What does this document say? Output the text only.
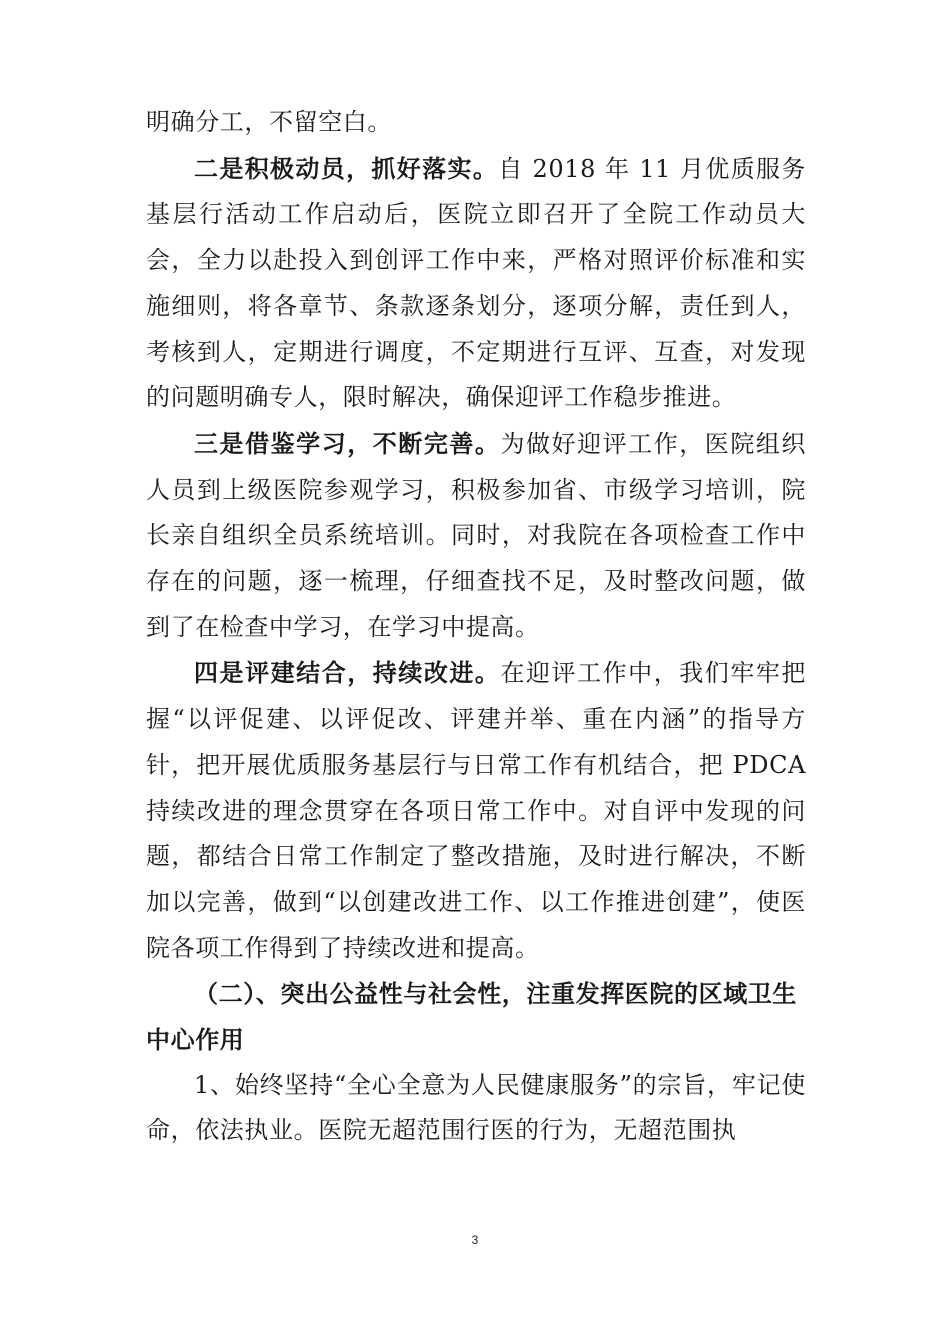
明确分工，不留空白。

二是积极动员，抓好落实。自 2018 年 11 月优质服务基层行活动工作启动后，医院立即召开了全院工作动员大会，全力以赴投入到创评工作中来，严格对照评价标准和实施细则，将各章节、条款逐条划分，逐项分解，责任到人，考核到人，定期进行调度，不定期进行互评、互查，对发现的问题明确专人，限时解决，确保迎评工作稳步推进。

三是借鉴学习，不断完善。为做好迎评工作，医院组织人员到上级医院参观学习，积极参加省、市级学习培训，院长亲自组织全员系统培训。同时，对我院在各项检查工作中存在的问题，逐一梳理，仔细查找不足，及时整改问题，做到了在检查中学习，在学习中提高。

四是评建结合，持续改进。在迎评工作中，我们牢牢把握“以评促建、以评促改、评建并举、重在内涵”的指导方针，把开展优质服务基层行与日常工作有机结合，把 PDCA 持续改进的理念贯穿在各项日常工作中。对自评中发现的问题，都结合日常工作制定了整改措施，及时进行解决，不断加以完善，做到“以创建改进工作、以工作推进创建”，使医院各项工作得到了持续改进和提高。

（二）、突出公益性与社会性，注重发挥医院的区域卫生中心作用

1、始终坚持“全心全意为人民健康服务”的宗旨，牢记使命，依法执业。医院无超范围行医的行为，无超范围执

3
